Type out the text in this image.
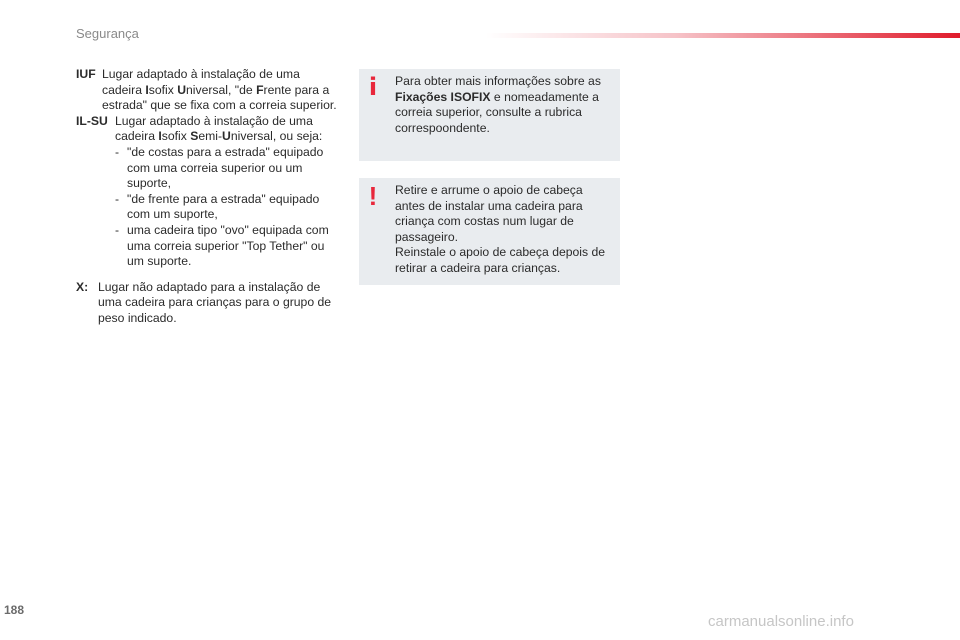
Segurança
IUF Lugar adaptado à instalação de uma cadeira Isofix Universal, "de Frente para a estrada" que se fixa com a correia superior.
IL-SU Lugar adaptado à instalação de uma cadeira Isofix Semi-Universal, ou seja:
- "de costas para a estrada" equipado com uma correia superior ou um suporte,
- "de frente para a estrada" equipado com um suporte,
- uma cadeira tipo "ovo" equipada com uma correia superior "Top Tether" ou um suporte.
X: Lugar não adaptado para a instalação de uma cadeira para crianças para o grupo de peso indicado.
i Para obter mais informações sobre as Fixações ISOFIX e nomeadamente a correia superior, consulte a rubrica correspoondente.
! Retire e arrume o apoio de cabeça antes de instalar uma cadeira para criança com costas num lugar de passageiro.
Reinstale o apoio de cabeça depois de retirar a cadeira para crianças.
188
carmanualsonline.info
